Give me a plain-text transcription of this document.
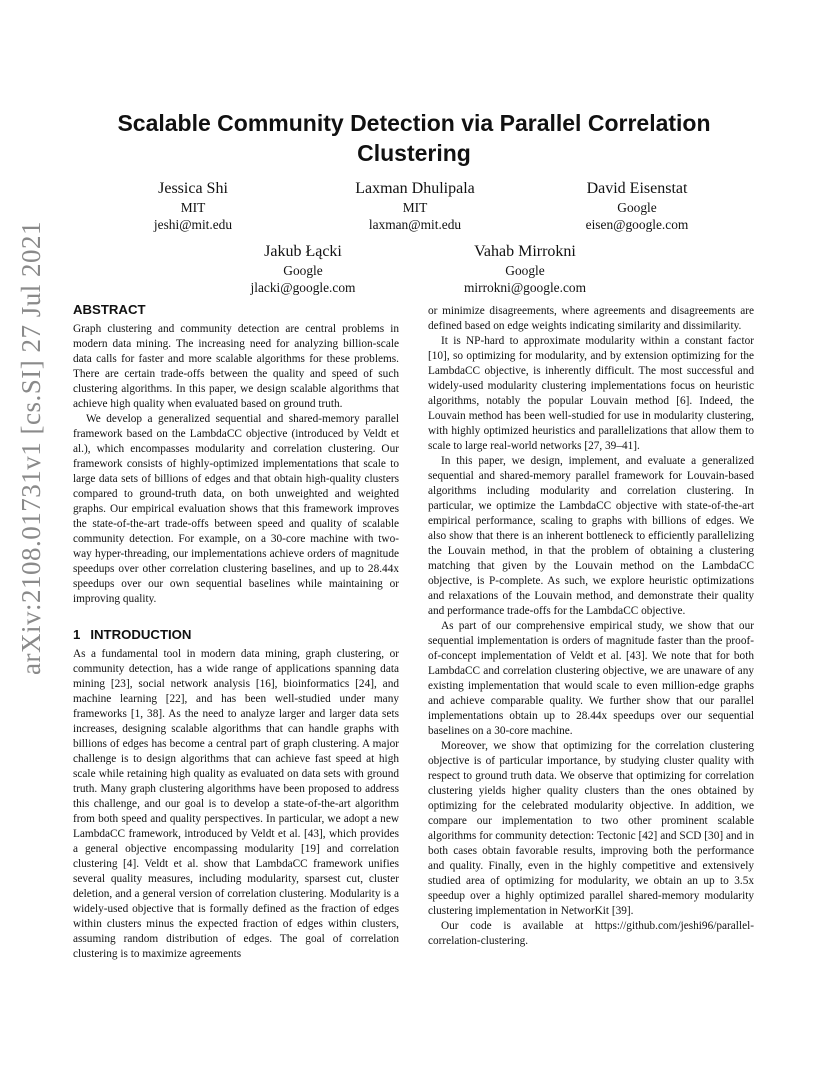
arXiv:2108.01731v1 [cs.SI] 27 Jul 2021
Scalable Community Detection via Parallel Correlation
Clustering
Jessica Shi
MIT
jeshi@mit.edu
Laxman Dhulipala
MIT
laxman@mit.edu
David Eisenstat
Google
eisen@google.com
Jakub Łącki
Google
jlacki@google.com
Vahab Mirrokni
Google
mirrokni@google.com
ABSTRACT

Graph clustering and community detection are central problems in modern data mining. The increasing need for analyzing billion-scale data calls for faster and more scalable algorithms for these problems. There are certain trade-offs between the quality and speed of such clustering algorithms. In this paper, we design scalable algorithms that achieve high quality when evaluated based on ground truth.

We develop a generalized sequential and shared-memory parallel framework based on the LambdaCC objective (introduced by Veldt et al.), which encompasses modularity and correlation clustering. Our framework consists of highly-optimized implementations that scale to large data sets of billions of edges and that obtain high-quality clusters compared to ground-truth data, on both unweighted and weighted graphs. Our empirical evaluation shows that this framework improves the state-of-the-art trade-offs between speed and quality of scalable community detection. For example, on a 30-core machine with two-way hyper-threading, our implementations achieve orders of magnitude speedups over other correlation clustering baselines, and up to 28.44x speedups over our own sequential baselines while maintaining or improving quality.

1 INTRODUCTION

As a fundamental tool in modern data mining, graph clustering, or community detection, has a wide range of applications spanning data mining [23], social network analysis [16], bioinformatics [24], and machine learning [22], and has been well-studied under many frameworks [1, 38]. As the need to analyze larger and larger data sets increases, designing scalable algorithms that can handle graphs with billions of edges has become a central part of graph clustering. A major challenge is to design algorithms that can achieve fast speed at high scale while retaining high quality as evaluated on data sets with ground truth. Many graph clustering algorithms have been proposed to address this challenge, and our goal is to develop a state-of-the-art algorithm from both speed and quality perspectives. In particular, we adopt a new LambdaCC framework, introduced by Veldt et al. [43], which provides a general objective encompassing modularity [19] and correlation clustering [4]. Veldt et al. show that LambdaCC framework unifies several quality measures, including modularity, sparsest cut, cluster deletion, and a general version of correlation clustering. Modularity is a widely-used objective that is formally defined as the fraction of edges within clusters minus the expected fraction of edges within clusters, assuming random distribution of edges. The goal of correlation clustering is to maximize agreements

or minimize disagreements, where agreements and disagreements are defined based on edge weights indicating similarity and dissimilarity.

It is NP-hard to approximate modularity within a constant factor [10], so optimizing for modularity, and by extension optimizing for the LambdaCC objective, is inherently difficult. The most successful and widely-used modularity clustering implementations focus on heuristic algorithms, notably the popular Louvain method [6]. Indeed, the Louvain method has been well-studied for use in modularity clustering, with highly optimized heuristics and parallelizations that allow them to scale to large real-world networks [27, 39–41].

In this paper, we design, implement, and evaluate a generalized sequential and shared-memory parallel framework for Louvain-based algorithms including modularity and correlation clustering. In particular, we optimize the LambdaCC objective with state-of-the-art empirical performance, scaling to graphs with billions of edges. We also show that there is an inherent bottleneck to efficiently parallelizing the Louvain method, in that the problem of obtaining a clustering matching that given by the Louvain method on the LambdaCC objective, is P-complete. As such, we explore heuristic optimizations and relaxations of the Louvain method, and demonstrate their quality and performance trade-offs for the LambdaCC objective.

As part of our comprehensive empirical study, we show that our sequential implementation is orders of magnitude faster than the proof-of-concept implementation of Veldt et al. [43]. We note that for both LambdaCC and correlation clustering objective, we are unaware of any existing implementation that would scale to even million-edge graphs and achieve comparable quality. We further show that our parallel implementations obtain up to 28.44x speedups over our sequential baselines on a 30-core machine.

Moreover, we show that optimizing for the correlation clustering objective is of particular importance, by studying cluster quality with respect to ground truth data. We observe that optimizing for correlation clustering yields higher quality clusters than the ones obtained by optimizing for the celebrated modularity objective. In addition, we compare our implementation to two other prominent scalable algorithms for community detection: Tectonic [42] and SCD [30] and in both cases obtain favorable results, improving both the performance and quality. Finally, even in the highly competitive and extensively studied area of optimizing for modularity, we obtain an up to 3.5x speedup over a highly optimized parallel shared-memory modularity clustering implementation in NetworKit [39].

Our code is available at https://github.com/jeshi96/parallel-correlation-clustering.
